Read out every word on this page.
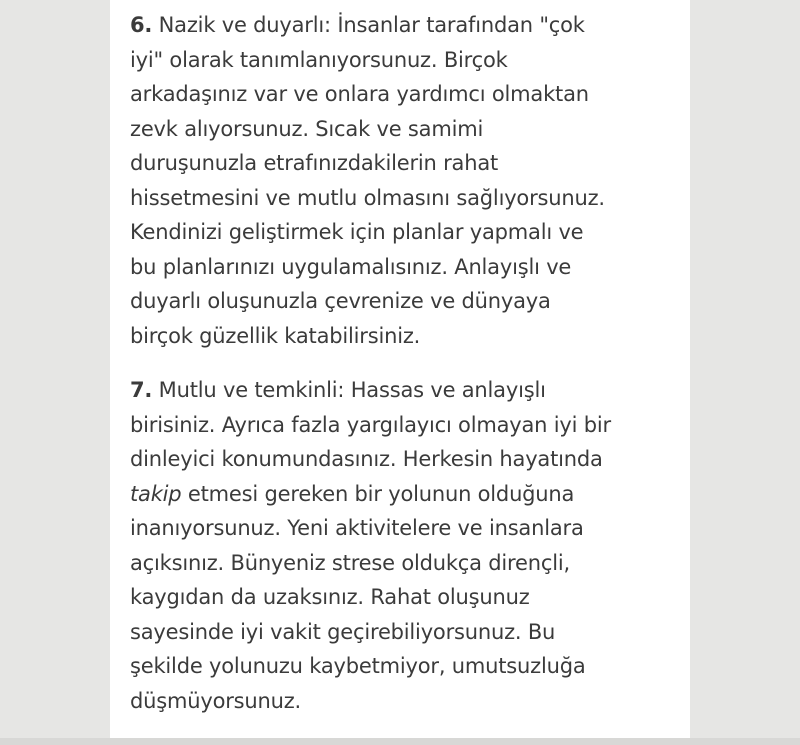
6. Nazik ve duyarlı: İnsanlar tarafından "çok
iyi" olarak tanımlanıyorsunuz. Birçok
arkadaşınız var ve onlara yardımcı olmaktan
zevk alıyorsunuz. Sıcak ve samimi
duruşunuzla etrafınızdakilerin rahat
hissetmesini ve mutlu olmasını sağlıyorsunuz.
Kendinizi geliştirmek için planlar yapmalı ve
bu planlarınızı uygulamalısınız. Anlayışlı ve
duyarlı oluşunuzla çevrenize ve dünyaya
birçok güzellik katabilirsiniz.

7. Mutlu ve temkinli: Hassas ve anlayışlı
birisiniz. Ayrıca fazla yargılayıcı olmayan iyi bir
dinleyici konumundasınız. Herkesin hayatında
takip etmesi gereken bir yolunun olduğuna
inanıyorsunuz. Yeni aktivitelere ve insanlara
açıksınız. Bünyeniz strese oldukça dirençli,
kaygıdan da uzaksınız. Rahat oluşunuz
sayesinde iyi vakit geçirebiliyorsunuz. Bu
şekilde yolunuzu kaybetmiyor, umutsuzluğa
düşmüyorsunuz.
